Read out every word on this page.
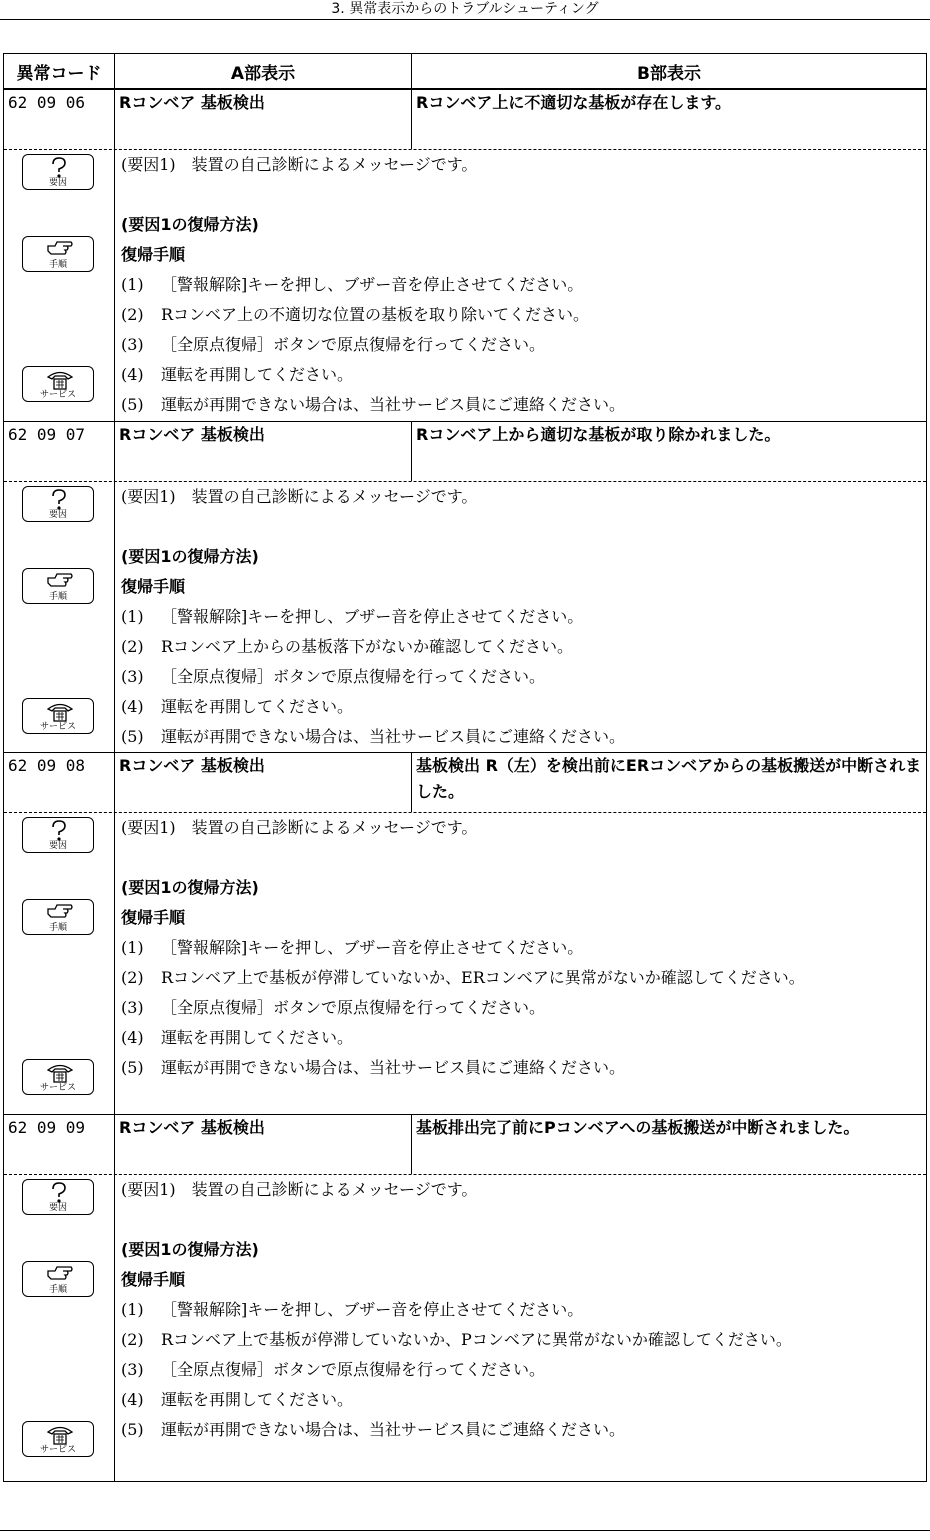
3. 異常表示からのトラブルシューティング
異常コード	A部表示	B部表示
62 09 06	Rコンベア 基板検出	Rコンベア上に不適切な基板が存在します。
要因
手順
サービス
(要因1)　装置の自己診断によるメッセージです。
(要因1の復帰方法)
復帰手順
(1)	［警報解除]キーを押し、ブザー音を停止させてください。
(2)	Rコンベア上の不適切な位置の基板を取り除いてください。
(3)	［全原点復帰］ボタンで原点復帰を行ってください。
(4)	運転を再開してください。
(5)	運転が再開できない場合は、当社サービス員にご連絡ください。
62 09 07	Rコンベア 基板検出	Rコンベア上から適切な基板が取り除かれました。
要因
手順
サービス
(要因1)　装置の自己診断によるメッセージです。
(要因1の復帰方法)
復帰手順
(1)	［警報解除]キーを押し、ブザー音を停止させてください。
(2)	Rコンベア上からの基板落下がないか確認してください。
(3)	［全原点復帰］ボタンで原点復帰を行ってください。
(4)	運転を再開してください。
(5)	運転が再開できない場合は、当社サービス員にご連絡ください。
62 09 08	Rコンベア 基板検出	基板検出 R（左）を検出前にERコンベアからの基板搬送が中断されました。
要因
手順
サービス
(要因1)　装置の自己診断によるメッセージです。
(要因1の復帰方法)
復帰手順
(1)	［警報解除]キーを押し、ブザー音を停止させてください。
(2)	Rコンベア上で基板が停滞していないか、ERコンベアに異常がないか確認してください。
(3)	［全原点復帰］ボタンで原点復帰を行ってください。
(4)	運転を再開してください。
(5)	運転が再開できない場合は、当社サービス員にご連絡ください。
62 09 09	Rコンベア 基板検出	基板排出完了前にPコンベアへの基板搬送が中断されました。
要因
手順
サービス
(要因1)　装置の自己診断によるメッセージです。
(要因1の復帰方法)
復帰手順
(1)	［警報解除]キーを押し、ブザー音を停止させてください。
(2)	Rコンベア上で基板が停滞していないか、Pコンベアに異常がないか確認してください。
(3)	［全原点復帰］ボタンで原点復帰を行ってください。
(4)	運転を再開してください。
(5)	運転が再開できない場合は、当社サービス員にご連絡ください。
